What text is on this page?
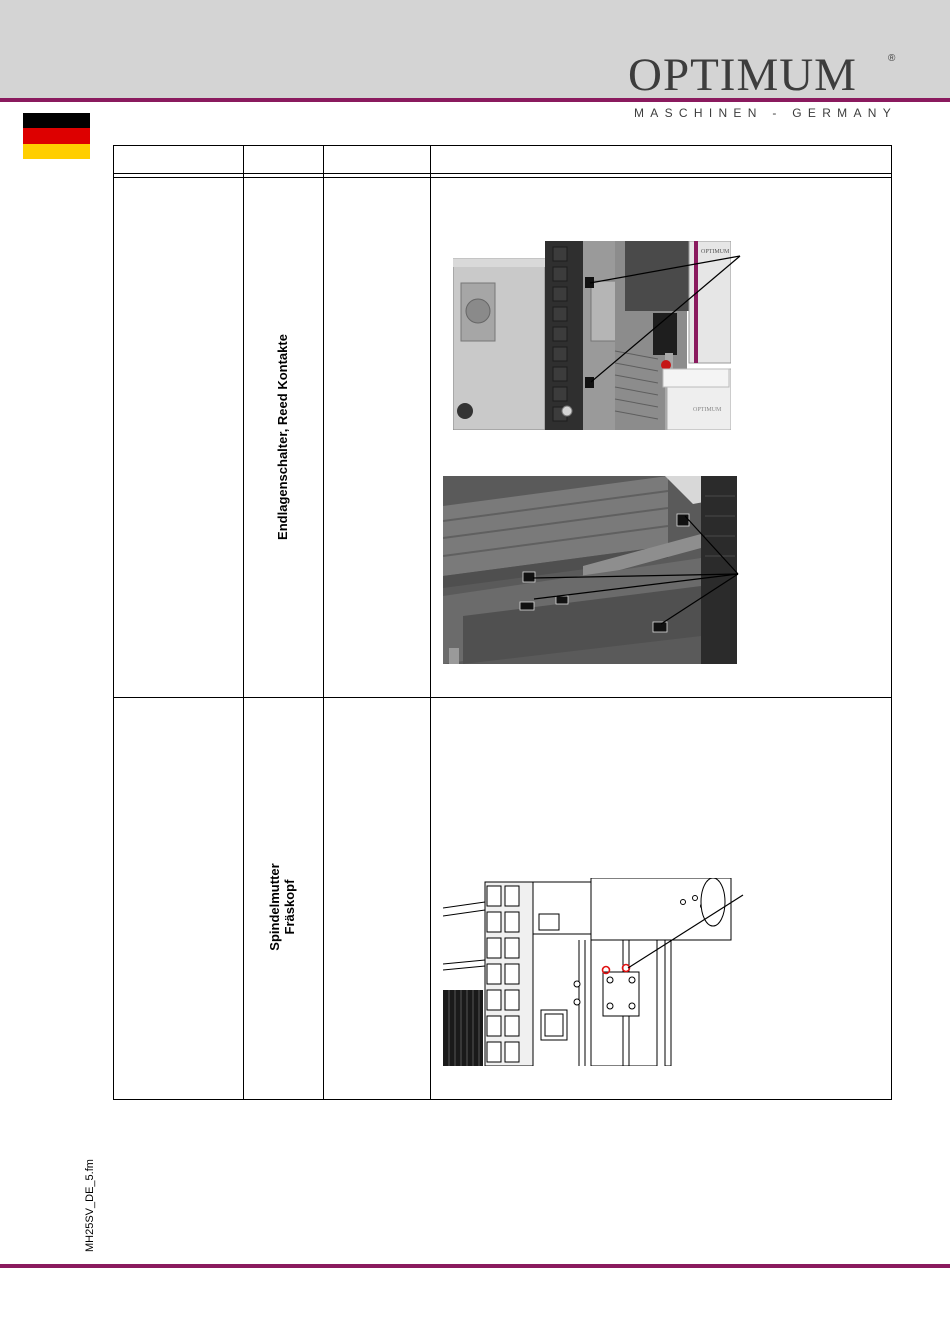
OPTIMUM	®
MASCHINEN - GERMANY
Endlagenschalter, Reed Kontakte
Spindelmutter Fräskopf
OPTIMUM
OPTIMUM
MH25SV_DE_5.fm
